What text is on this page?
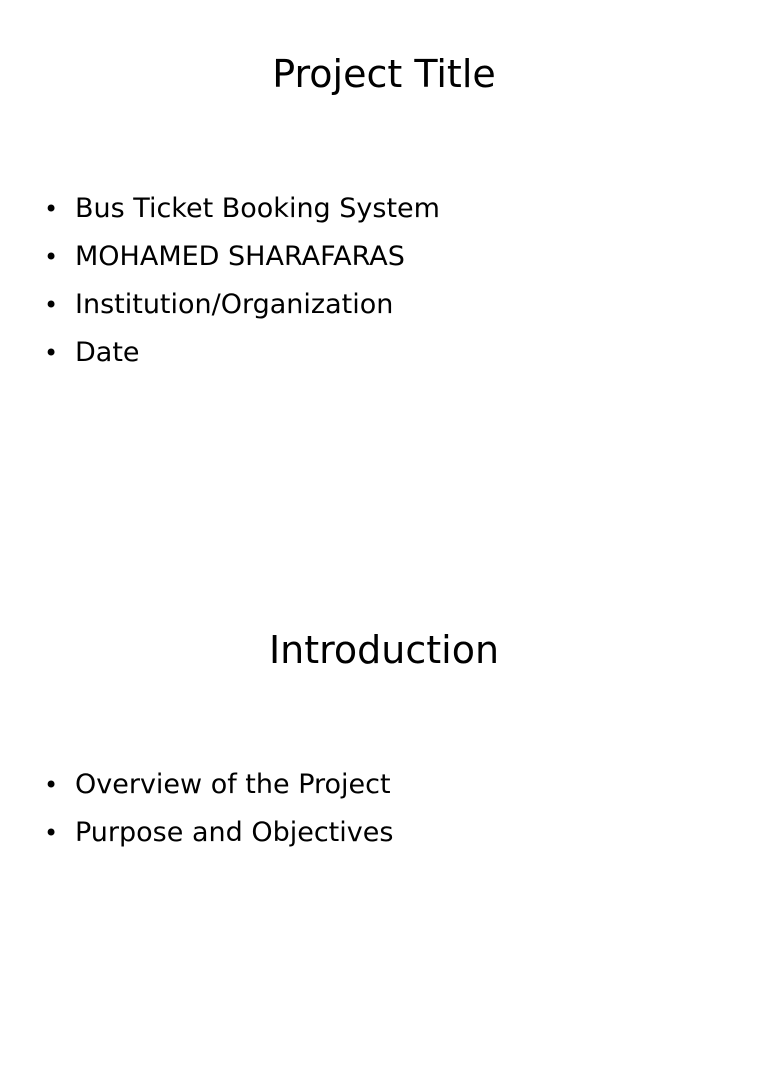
Project Title
• Bus Ticket Booking System
• MOHAMED SHARAFARAS
• Institution/Organization
• Date
Introduction
• Overview of the Project
• Purpose and Objectives
